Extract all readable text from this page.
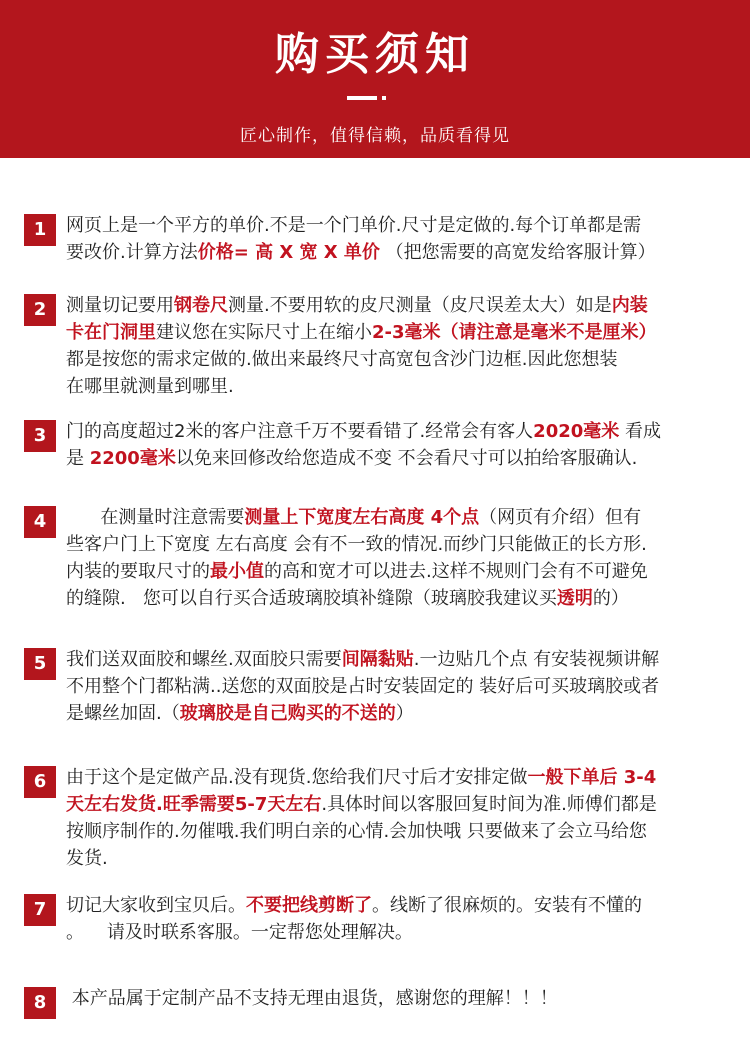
购买须知
匠心制作，值得信赖，品质看得见
1	网页上是一个平方的单价.不是一个门单价.尺寸是定做的.每个订单都是需

要改价.计算方法价格= 高 X 宽 X 单价 （把您需要的高宽发给客服计算）

2	测量切记要用钢卷尺测量.不要用软的皮尺测量（皮尺误差太大）如是内装

卡在门洞里建议您在实际尺寸上在缩小2-3毫米（请注意是毫米不是厘米）

都是按您的需求定做的.做出来最终尺寸高宽包含沙门边框.因此您想装

在哪里就测量到哪里.

3	门的高度超过2米的客户注意千万不要看错了.经常会有客人2020毫米 看成

是 2200毫米以免来回修改给您造成不变 不会看尺寸可以拍给客服确认.

4	在测量时注意需要测量上下宽度左右高度 4个点（网页有介绍）但有

些客户门上下宽度 左右高度 会有不一致的情况.而纱门只能做正的长方形.

内装的要取尺寸的最小值的高和宽才可以进去.这样不规则门会有不可避免

的缝隙.   您可以自行买合适玻璃胶填补缝隙（玻璃胶我建议买透明的）

5	我们送双面胶和螺丝.双面胶只需要间隔黏贴.一边贴几个点 有安装视频讲解

不用整个门都粘满..送您的双面胶是占时安装固定的 装好后可买玻璃胶或者

是螺丝加固.（玻璃胶是自己购买的不送的）

6	由于这个是定做产品.没有现货.您给我们尺寸后才安排定做一般下单后 3-4

天左右发货.旺季需要5-7天左右.具体时间以客服回复时间为准.师傅们都是

按顺序制作的.勿催哦.我们明白亲的心情.会加快哦 只要做来了会立马给您

发货.

7	切记大家收到宝贝后。不要把线剪断了。线断了很麻烦的。安装有不懂的

。    请及时联系客服。一定帮您处理解决。

8	本产品属于定制产品不支持无理由退货，感谢您的理解！！！
